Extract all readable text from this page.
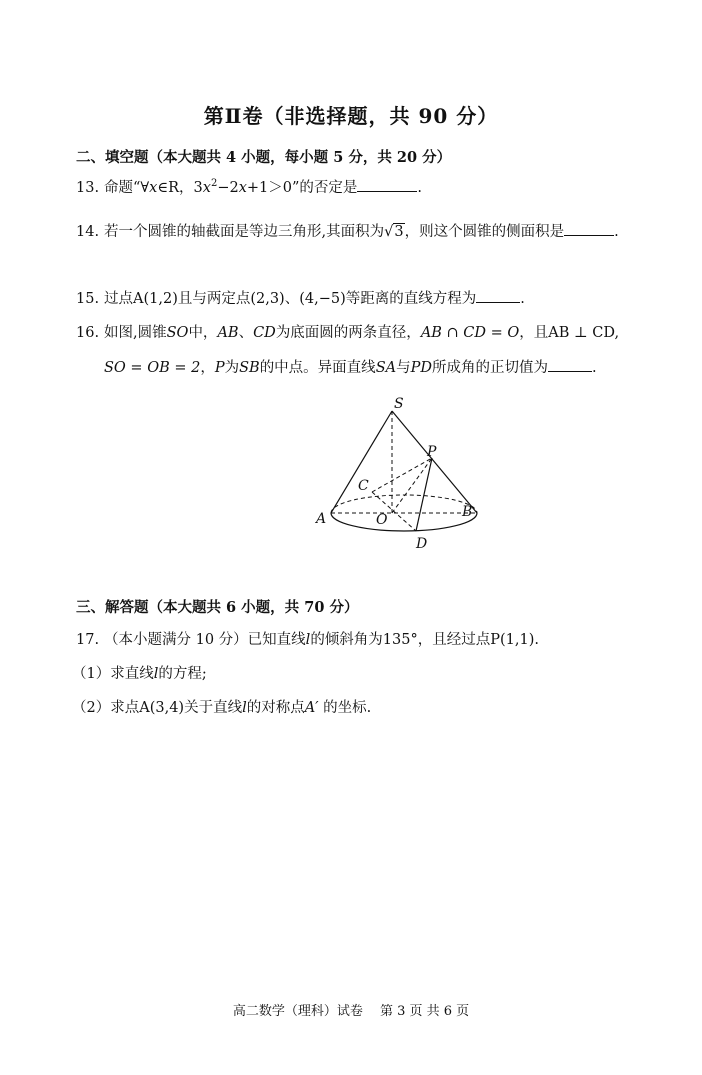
第Ⅱ卷（非选择题，共 90 分）
二、填空题（本大题共 4 小题，每小题 5 分，共 20 分）
13. 命题“∀x∈R，$3x^2-2x+1>0$”的否定是	.
14. 若一个圆锥的轴截面是等边三角形,其面积为√3，则这个圆锥的侧面积是	.
15. 过点A(1,2)且与两定点(2,3)、(4,−5)等距离的直线方程为	.
16. 如图,圆锥SO中，AB、CD为底面圆的两条直径，AB ∩ CD = O，且AB ⊥ CD,
SO = OB = 2，P为SB的中点。异面直线SA与PD所成角的正切值为	.
S
P
C
A	O	B
D
三、解答题（本大题共 6 小题，共 70 分）
17. （本小题满分 10 分）已知直线l的倾斜角为135°，且经过点P(1,1).
（1）求直线l的方程;
（2）求点A(3,4)关于直线l的对称点A′ 的坐标.
高二数学（理科）试卷　 第 3 页 共 6 页
